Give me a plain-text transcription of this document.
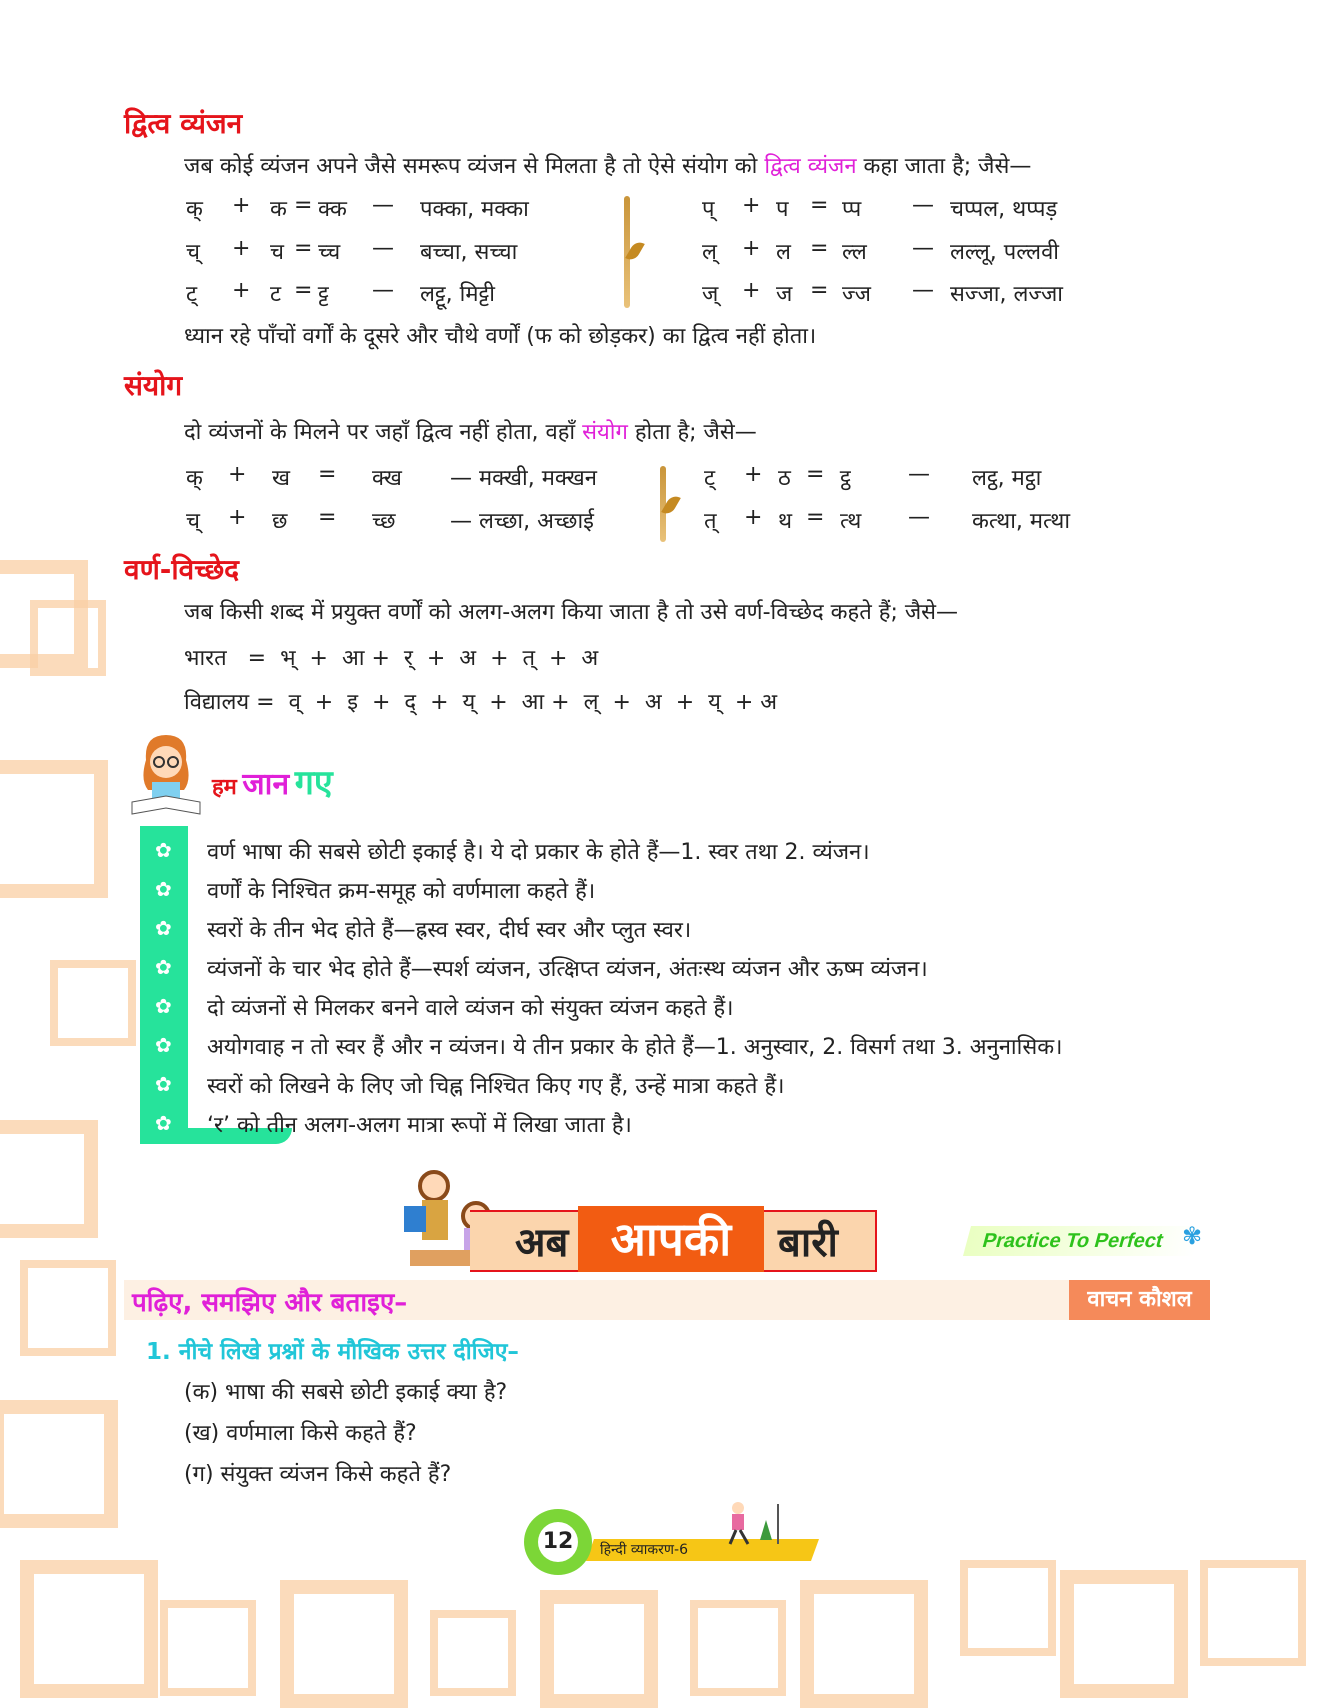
द्वित्व व्यंजन
जब कोई व्यंजन अपने जैसे समरूप व्यंजन से मिलता है तो ऐसे संयोग को द्वित्व व्यंजन कहा जाता है; जैसे—
क् + क = क्क — पक्का, मक्का	प् + प = प्प — चप्पल, थप्पड़
च् + च = च्च — बच्चा, सच्चा	ल् + ल = ल्ल — लल्लू, पल्लवी
ट् + ट = ट्ट — लट्टू, मिट्टी	ज् + ज = ज्ज — सज्जा, लज्जा
ध्यान रहे पाँचों वर्गों के दूसरे और चौथे वर्णों (फ को छोड़कर) का द्वित्व नहीं होता।
संयोग
दो व्यंजनों के मिलने पर जहाँ द्वित्व नहीं होता, वहाँ संयोग होता है; जैसे—
क् + ख = क्ख — मक्खी, मक्खन	ट् + ठ = ट्ठ	— लट्ठ, मट्ठा
च् + छ = च्छ — लच्छा, अच्छाई	त् + थ = त्थ — कत्था, मत्था
वर्ण-विच्छेद
जब किसी शब्द में प्रयुक्त वर्णों को अलग-अलग किया जाता है तो उसे वर्ण-विच्छेद कहते हैं; जैसे—
भारत   =  भ्  +  आ +  र्  +  अ  +  त्  +  अ
विद्यालय =  व्  +  इ  +  द्  +  य्  +  आ +  ल्  +  अ  +  य्  + अ
हम जान गए
✿ वर्ण भाषा की सबसे छोटी इकाई है। ये दो प्रकार के होते हैं—1. स्वर तथा 2. व्यंजन।
✿ वर्णों के निश्चित क्रम-समूह को वर्णमाला कहते हैं।
✿ स्वरों के तीन भेद होते हैं—ह्रस्व स्वर, दीर्घ स्वर और प्लुत स्वर।
✿ व्यंजनों के चार भेद होते हैं—स्पर्श व्यंजन, उत्क्षिप्त व्यंजन, अंतःस्थ व्यंजन और ऊष्म व्यंजन।
✿ दो व्यंजनों से मिलकर बनने वाले व्यंजन को संयुक्त व्यंजन कहते हैं।
✿ अयोगवाह न तो स्वर हैं और न व्यंजन। ये तीन प्रकार के होते हैं—1. अनुस्वार, 2. विसर्ग तथा 3. अनुनासिक।
✿ स्वरों को लिखने के लिए जो चिह्न निश्चित किए गए हैं, उन्हें मात्रा कहते हैं।
✿ ‘र’ को तीन अलग-अलग मात्रा रूपों में लिखा जाता है।
अब आपकी	बारी	Practice To Perfect ✾
पढ़िए, समझिए और बताइए–	वाचन कौशल
1. नीचे लिखे प्रश्नों के मौखिक उत्तर दीजिए–
(क) भाषा की सबसे छोटी इकाई क्या है?
(ख) वर्णमाला किसे कहते हैं?
(ग) संयुक्त व्यंजन किसे कहते हैं?
हिन्दी व्याकरण-6
12
